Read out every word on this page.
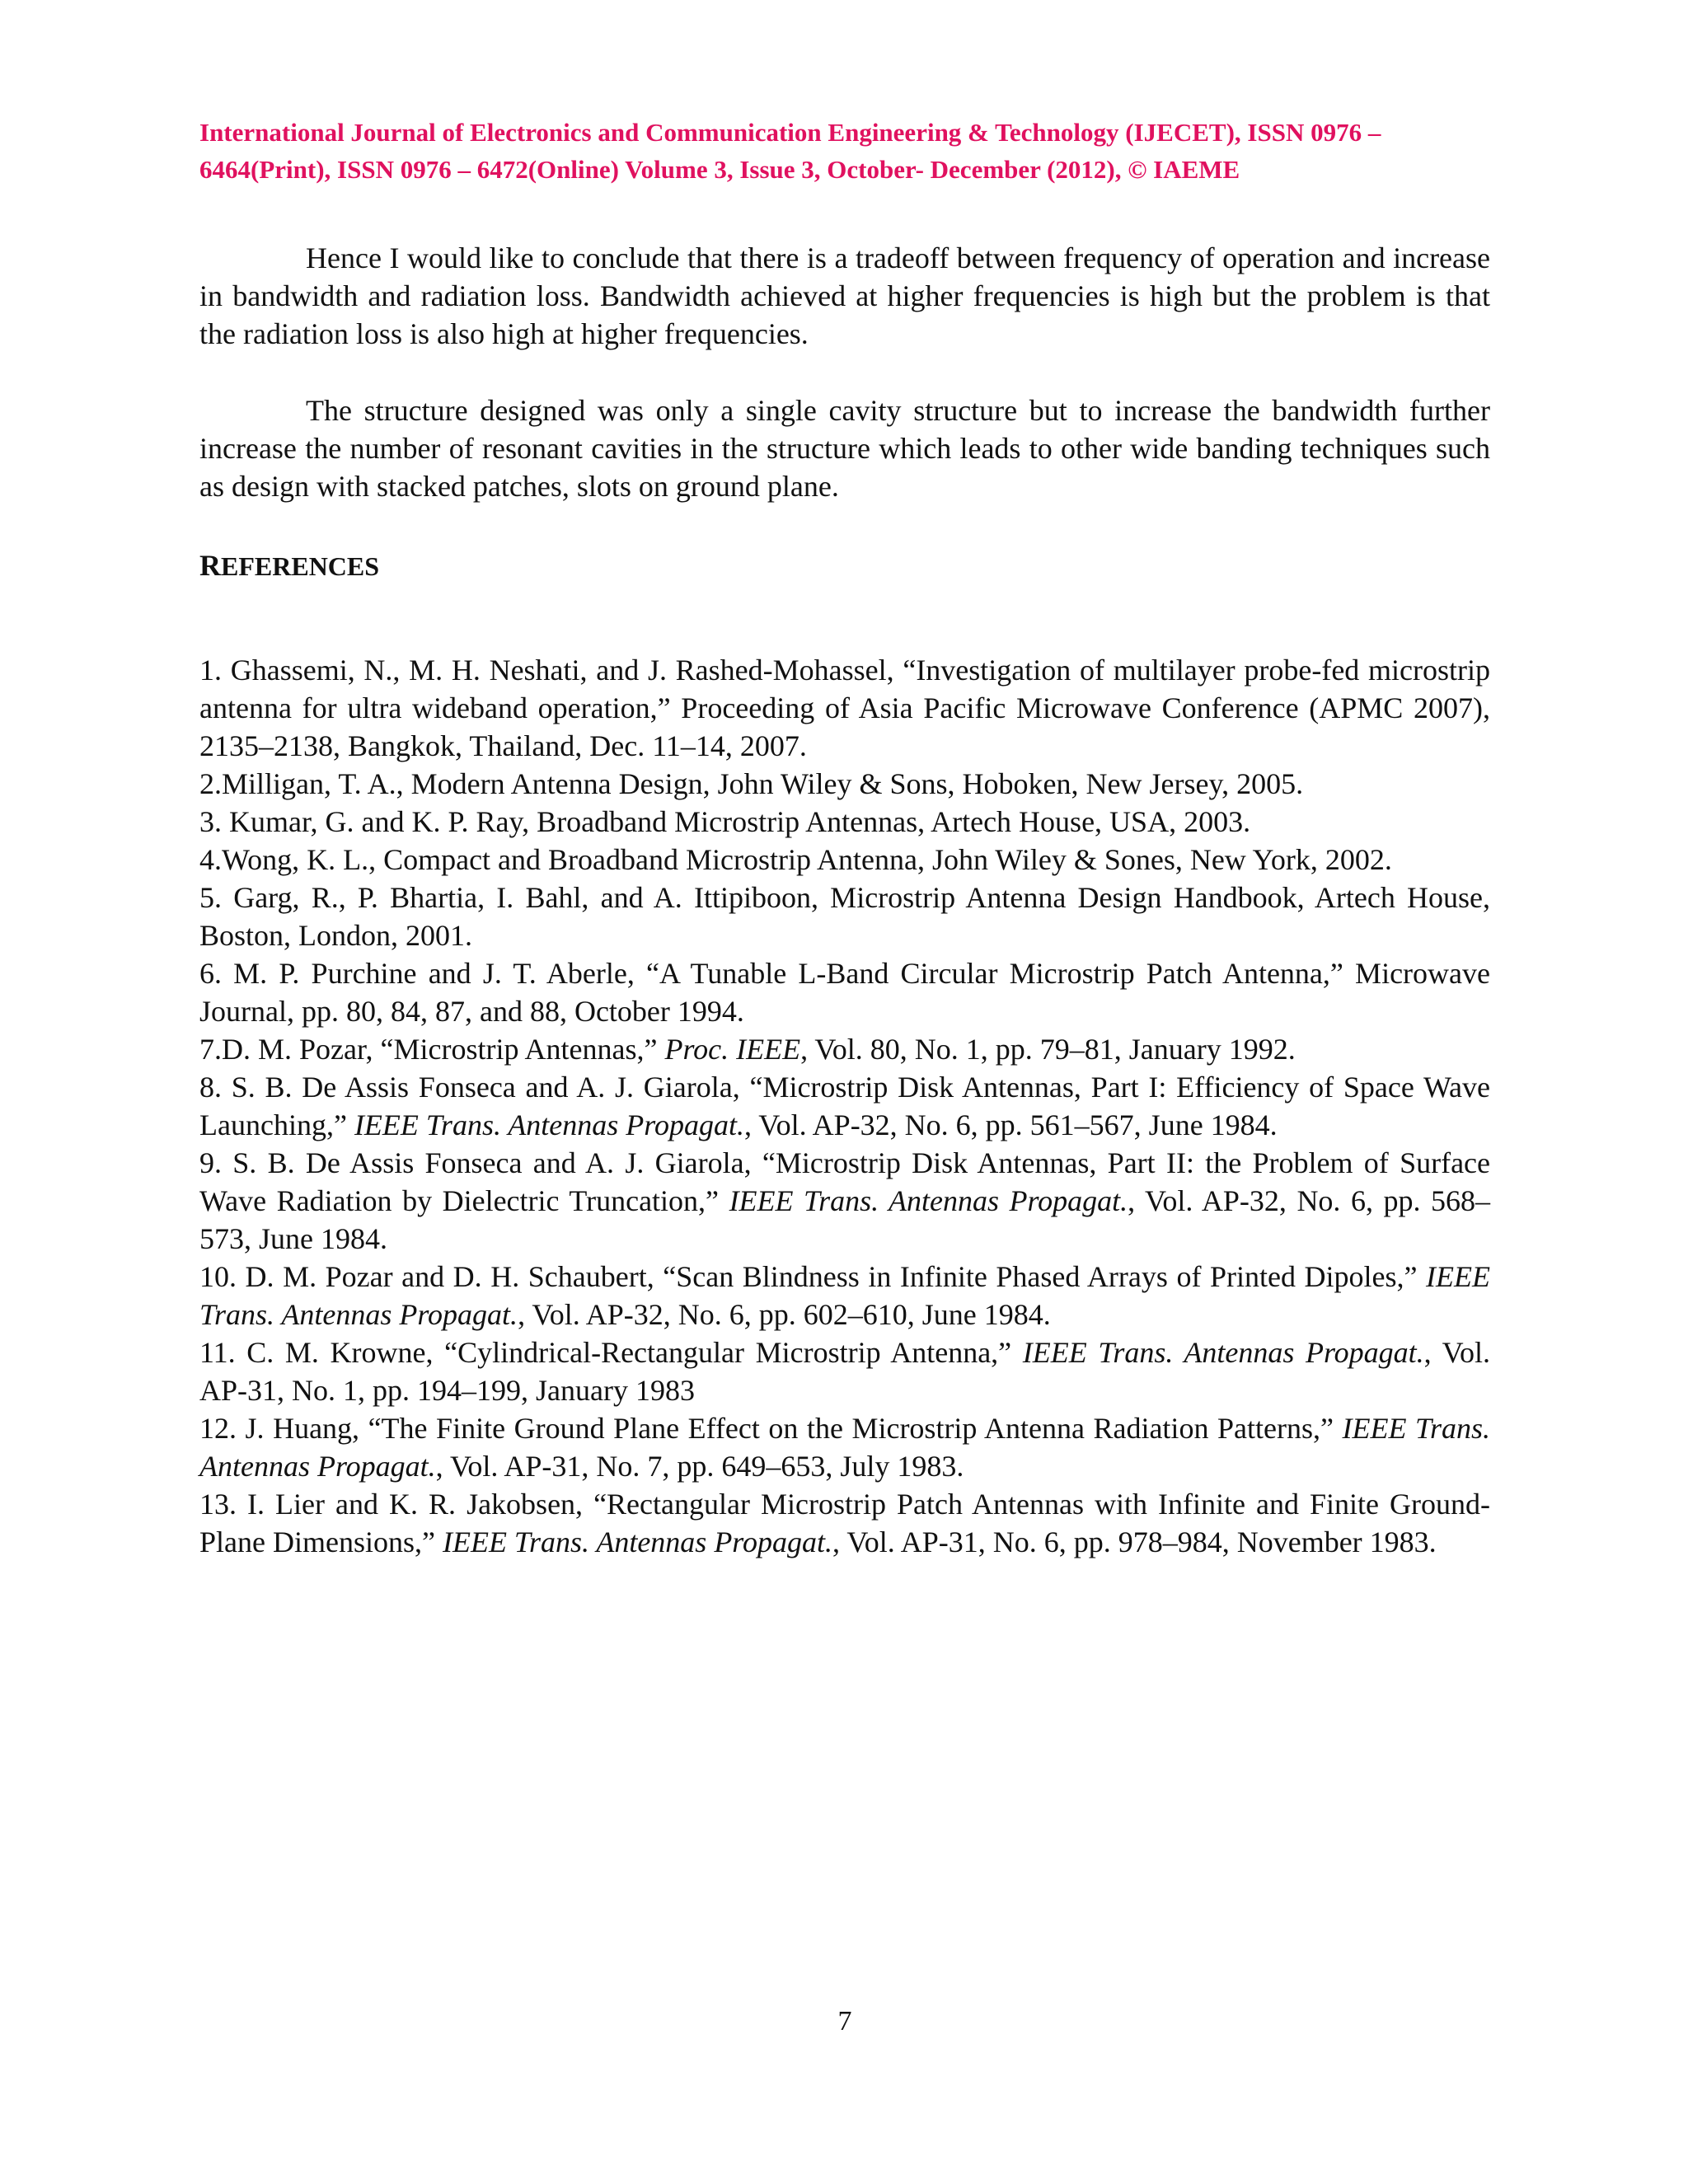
International Journal of Electronics and Communication Engineering & Technology (IJECET), ISSN 0976 –
6464(Print), ISSN 0976 – 6472(Online) Volume 3, Issue 3, October- December (2012), © IAEME

Hence I would like to conclude that there is a tradeoff between frequency of operation and increase in bandwidth and radiation loss. Bandwidth achieved at higher frequencies is high but the problem is that the radiation loss is also high at higher frequencies.

The structure designed was only a single cavity structure but to increase the bandwidth further increase the number of resonant cavities in the structure which leads to other wide banding techniques such as design with stacked patches, slots on ground plane.

REFERENCES
1. Ghassemi, N., M. H. Neshati, and J. Rashed-Mohassel, “Investigation of multilayer probe-fed microstrip antenna for ultra wideband operation,” Proceeding of Asia Pacific Microwave Conference (APMC 2007), 2135–2138, Bangkok, Thailand, Dec. 11–14, 2007.
2.Milligan, T. A., Modern Antenna Design, John Wiley & Sons, Hoboken, New Jersey, 2005.
3. Kumar, G. and K. P. Ray, Broadband Microstrip Antennas, Artech House, USA, 2003.
4.Wong, K. L., Compact and Broadband Microstrip Antenna, John Wiley & Sones, New York, 2002.
5. Garg, R., P. Bhartia, I. Bahl, and A. Ittipiboon, Microstrip Antenna Design Handbook, Artech House, Boston, London, 2001.
6. M. P. Purchine and J. T. Aberle, “A Tunable L-Band Circular Microstrip Patch Antenna,” Microwave Journal, pp. 80, 84, 87, and 88, October 1994.
7.D. M. Pozar, “Microstrip Antennas,” Proc. IEEE, Vol. 80, No. 1, pp. 79–81, January 1992.
8. S. B. De Assis Fonseca and A. J. Giarola, “Microstrip Disk Antennas, Part I: Efficiency of Space Wave Launching,” IEEE Trans. Antennas Propagat., Vol. AP-32, No. 6, pp. 561–567, June 1984.
9. S. B. De Assis Fonseca and A. J. Giarola, “Microstrip Disk Antennas, Part II: the Problem of Surface Wave Radiation by Dielectric Truncation,” IEEE Trans. Antennas Propagat., Vol. AP-32, No. 6, pp. 568–573, June 1984.
10. D. M. Pozar and D. H. Schaubert, “Scan Blindness in Infinite Phased Arrays of Printed Dipoles,” IEEE Trans. Antennas Propagat., Vol. AP-32, No. 6, pp. 602–610, June 1984.
11. C. M. Krowne, “Cylindrical-Rectangular Microstrip Antenna,” IEEE Trans. Antennas Propagat., Vol. AP-31, No. 1, pp. 194–199, January 1983
12. J. Huang, “The Finite Ground Plane Effect on the Microstrip Antenna Radiation Patterns,” IEEE Trans. Antennas Propagat., Vol. AP-31, No. 7, pp. 649–653, July 1983.
13. I. Lier and K. R. Jakobsen, “Rectangular Microstrip Patch Antennas with Infinite and Finite Ground-Plane Dimensions,” IEEE Trans. Antennas Propagat., Vol. AP-31, No. 6, pp. 978–984, November 1983.
7
